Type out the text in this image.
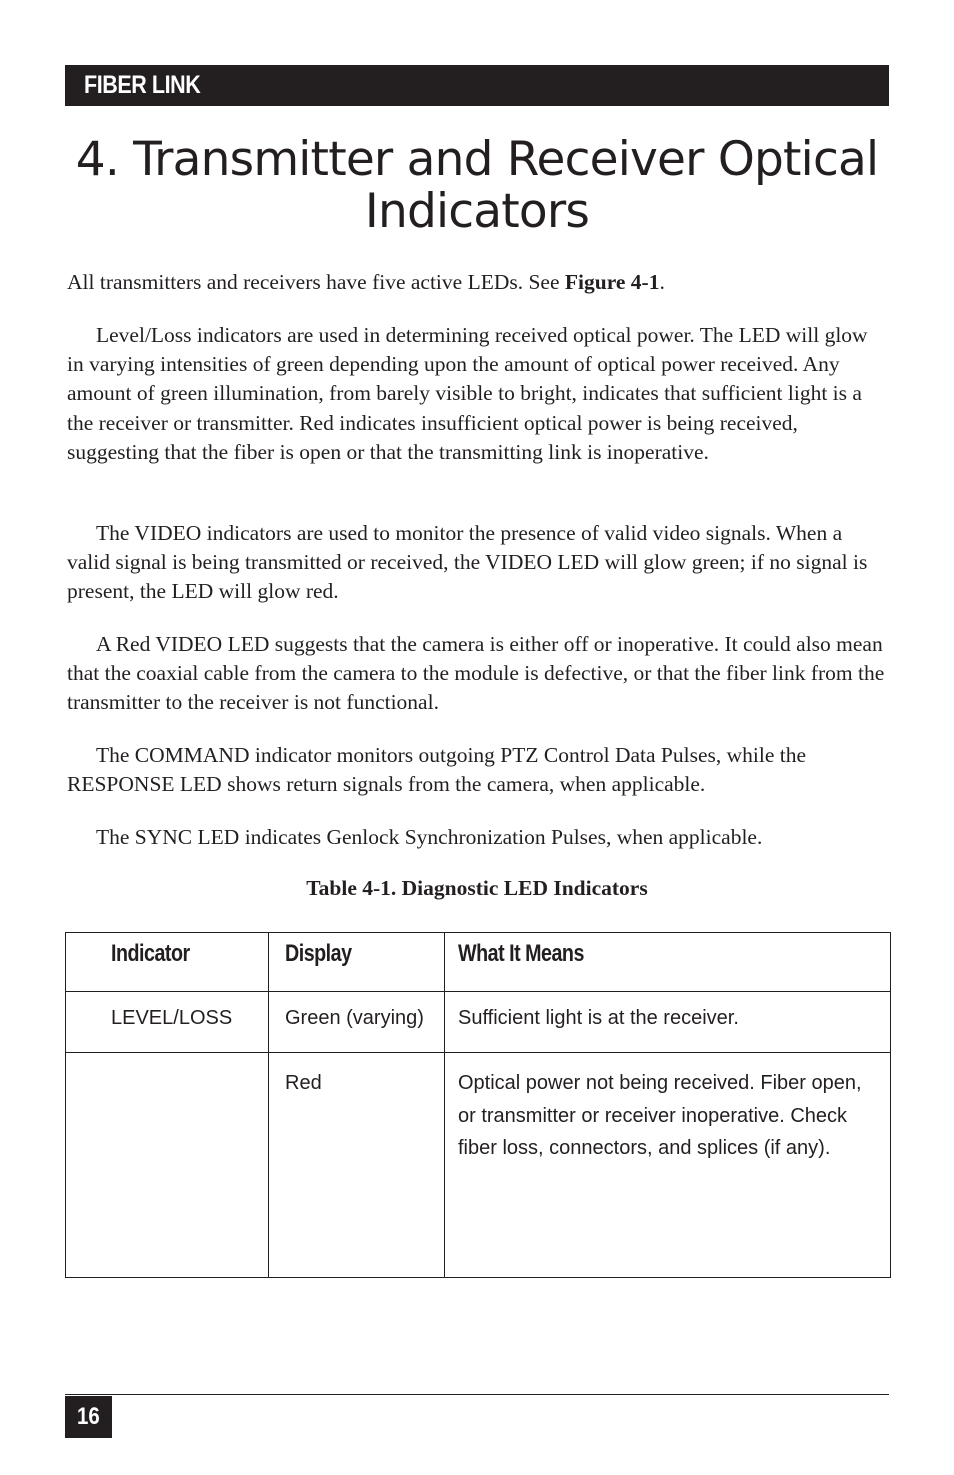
FIBER LINK
4. Transmitter and Receiver Optical Indicators

All transmitters and receivers have five active LEDs. See Figure 4-1.

Level/Loss indicators are used in determining received optical power. The LED will glow in varying intensities of green depending upon the amount of optical power received. Any amount of green illumination, from barely visible to bright, indicates that sufficient light is a the receiver or transmitter. Red indicates insufficient optical power is being received, suggesting that the fiber is open or that the transmitting link is inoperative.

The VIDEO indicators are used to monitor the presence of valid video signals. When a valid signal is being transmitted or received, the VIDEO LED will glow green; if no signal is present, the LED will glow red.

A Red VIDEO LED suggests that the camera is either off or inoperative. It could also mean that the coaxial cable from the camera to the module is defective, or that the fiber link from the transmitter to the receiver is not functional.

The COMMAND indicator monitors outgoing PTZ Control Data Pulses, while the RESPONSE LED shows return signals from the camera, when applicable.

The SYNC LED indicates Genlock Synchronization Pulses, when applicable.

Table 4-1. Diagnostic LED Indicators

Indicator	Display	What It Means
LEVEL/LOSS	Green (varying)	Sufficient light is at the receiver.
	Red	Optical power not being received. Fiber open, or transmitter or receiver inoperative. Check fiber loss, connectors, and splices (if any).
16
